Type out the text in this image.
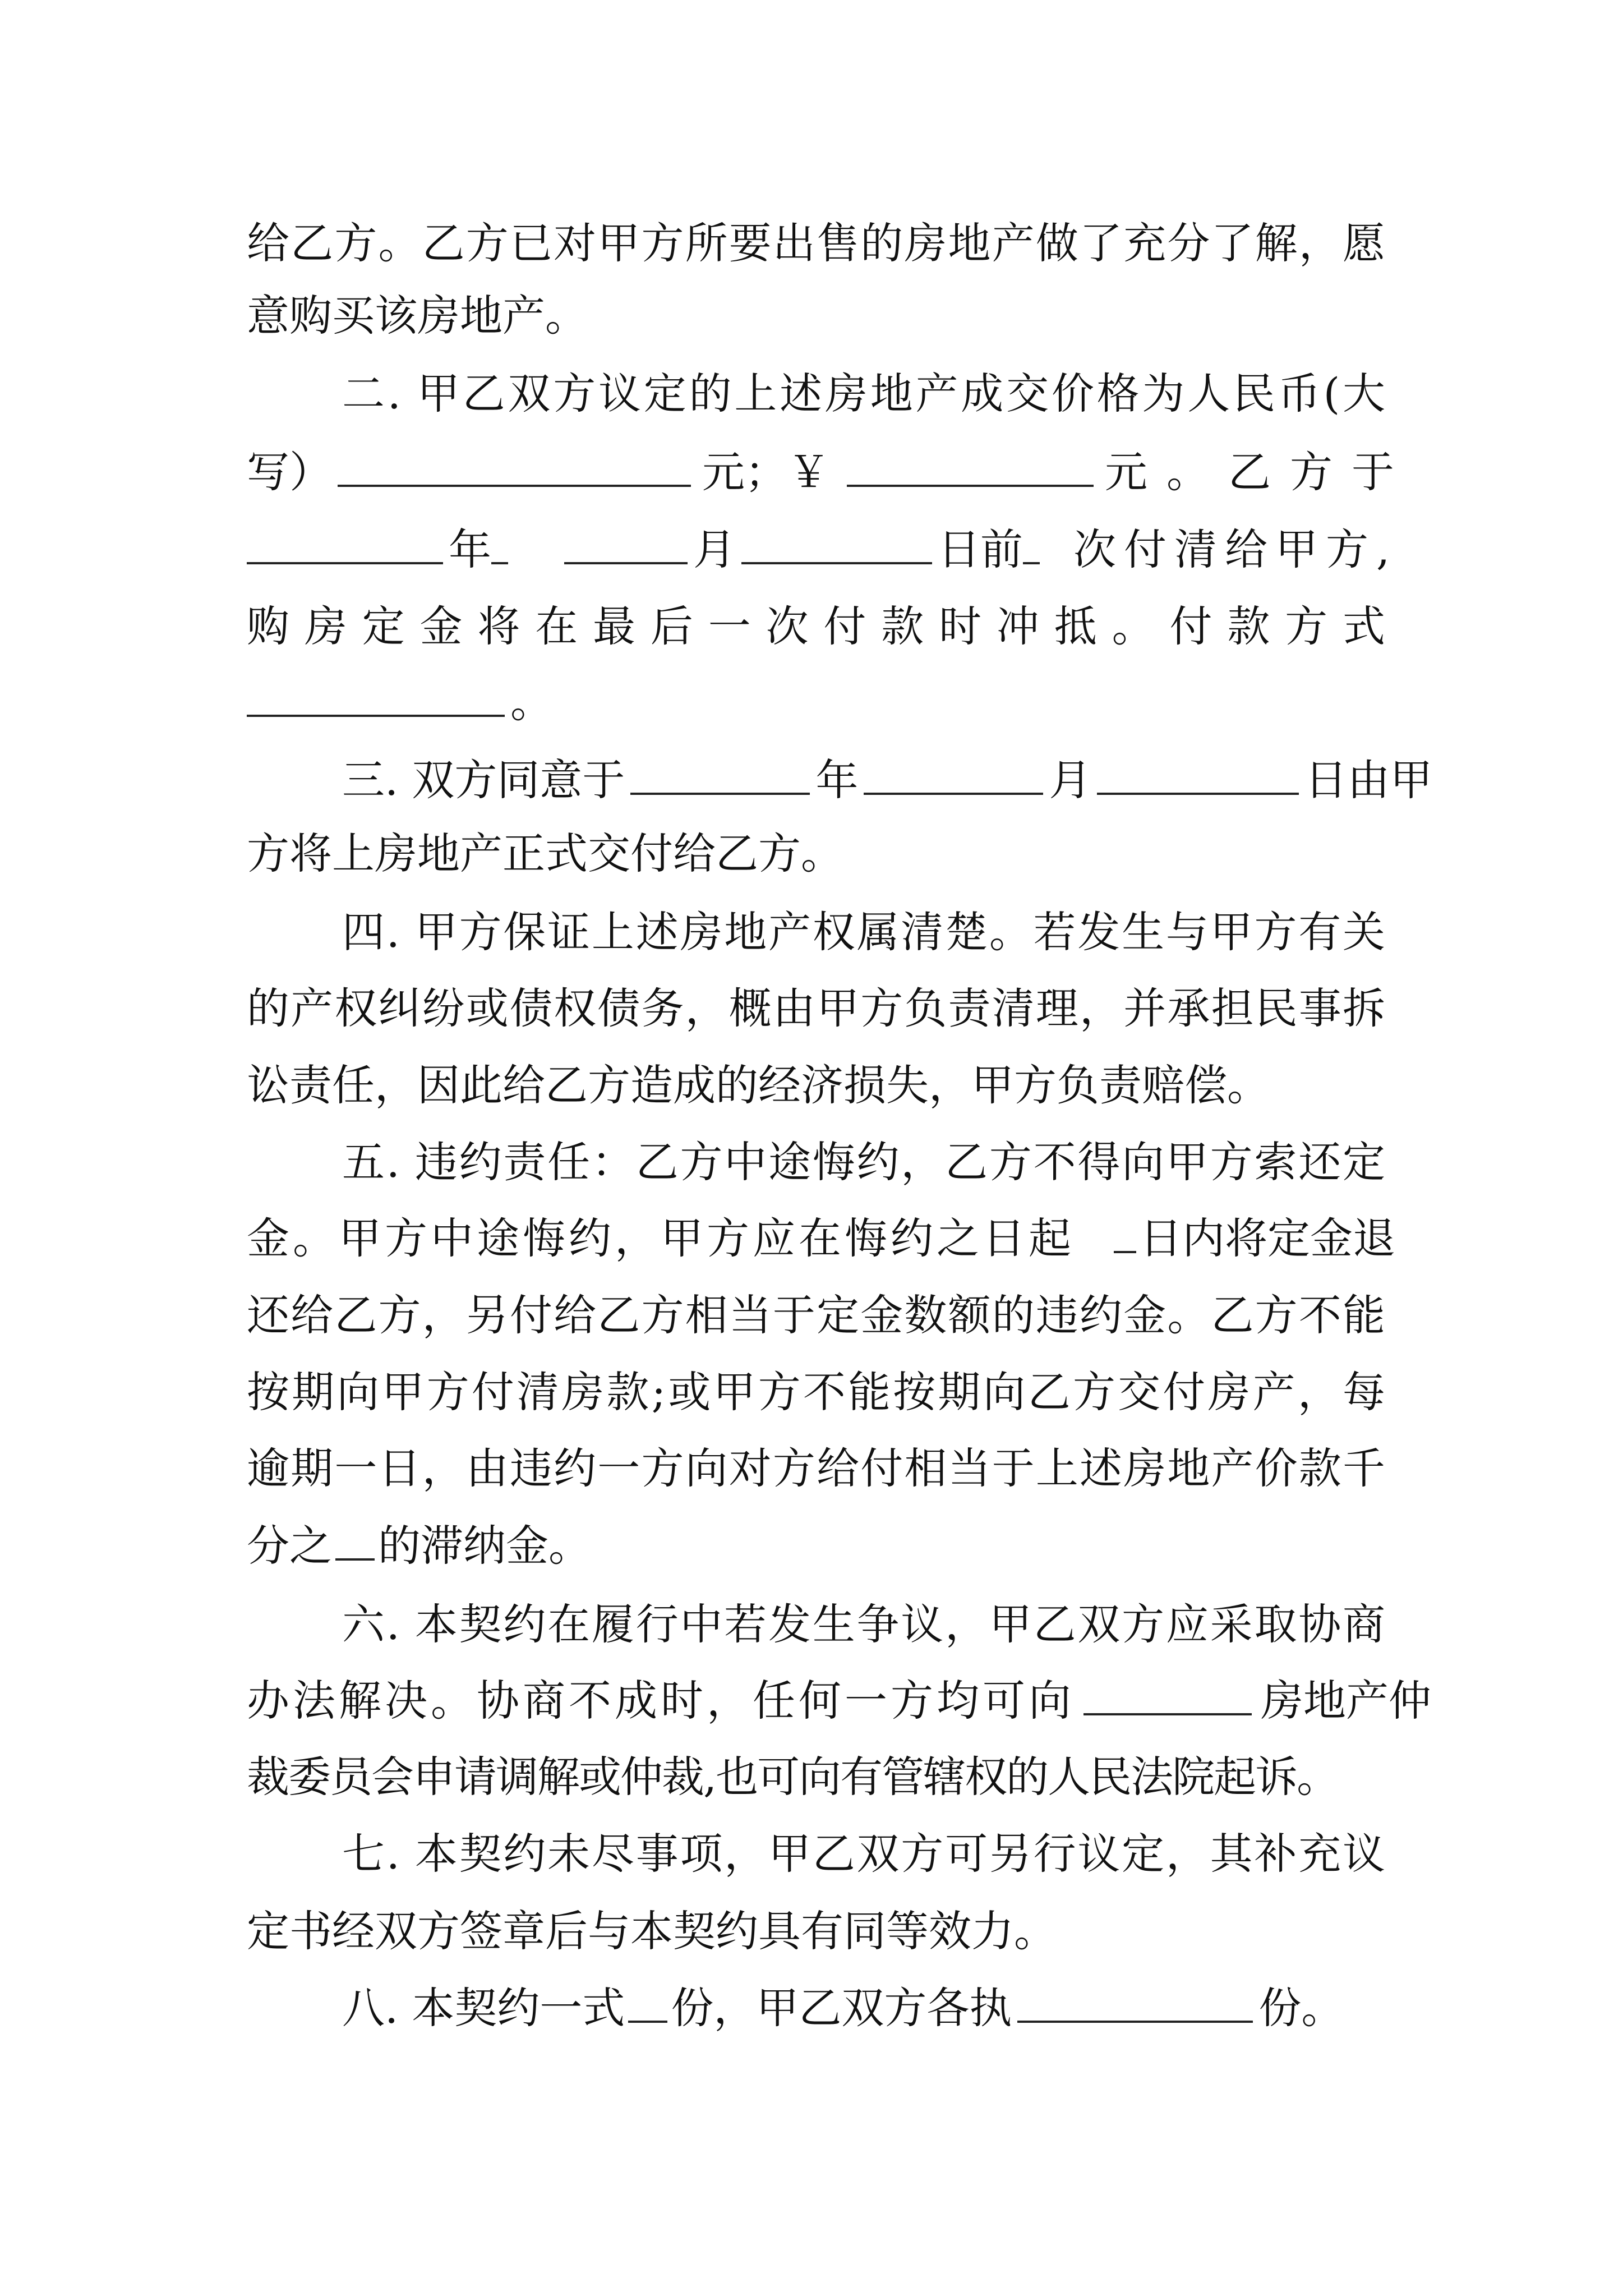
给乙方。乙方已对甲方所要出售的房地产做了充分了解，愿
意购买该房地产。
二. 甲乙双方议定的上述房地产成交价格为人民币(大
写）	元；￥	元。乙方于
年	月	日前 次付清给甲方,
购房定金将在最后一次付款时冲抵。付款方式
。
三. 双方同意于	年	月	日由甲
方将上房地产正式交付给乙方。
四. 甲方保证上述房地产权属清楚。若发生与甲方有关
的产权纠纷或债权债务，概由甲方负责清理，并承担民事拆
讼责任，因此给乙方造成的经济损失，甲方负责赔偿。
五. 违约责任：乙方中途悔约，乙方不得向甲方索还定
金。甲方中途悔约，甲方应在悔约之日起 日内将定金退
还给乙方，另付给乙方相当于定金数额的违约金。乙方不能
按期向甲方付清房款;或甲方不能按期向乙方交付房产，每
逾期一日，由违约一方向对方给付相当于上述房地产价款千
分之 的滞纳金。
六. 本契约在履行中若发生争议，甲乙双方应采取协商
办法解决。协商不成时，任何一方均可向	房地产仲
裁委员会申请调解或仲裁,也可向有管辖权的人民法院起诉。
七. 本契约未尽事项，甲乙双方可另行议定，其补充议
定书经双方签章后与本契约具有同等效力。
八. 本契约一式 份，甲乙双方各执	份。
